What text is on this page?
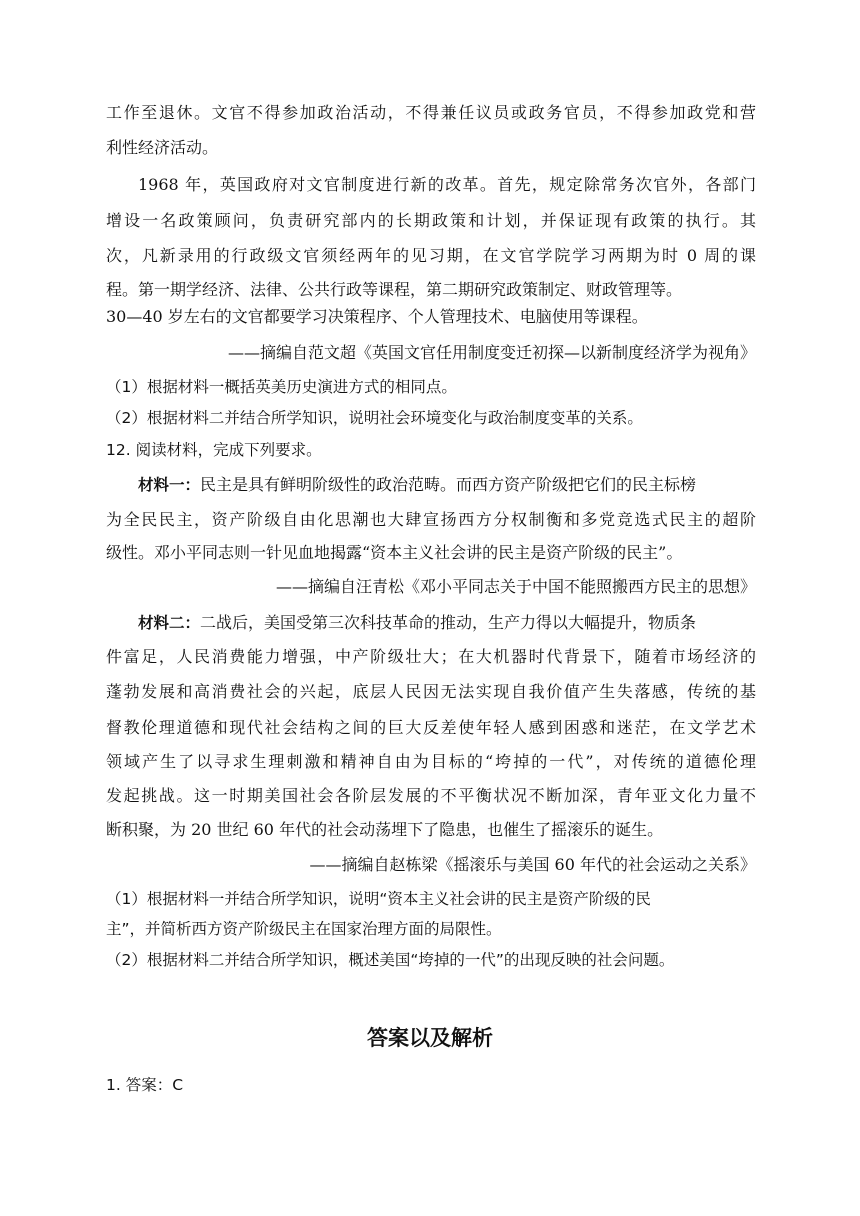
工作至退休。文官不得参加政治活动，不得兼任议员或政务官员，不得参加政党和营

利性经济活动。

1968 年，英国政府对文官制度进行新的改革。首先，规定除常务次官外，各部门

增设一名政策顾问，负责研究部内的长期政策和计划，并保证现有政策的执行。其

次，凡新录用的行政级文官须经两年的见习期，在文官学院学习两期为时 0 周的课

程。第一期学经济、法律、公共行政等课程，第二期研究政策制定、财政管理等。

30—40 岁左右的文官都要学习决策程序、个人管理技术、电脑使用等课程。

——摘编自范文超《英国文官任用制度变迁初探—以新制度经济学为视角》

（1）根据材料一概括英美历史演进方式的相同点。

（2）根据材料二并结合所学知识，说明社会环境变化与政治制度变革的关系。

12. 阅读材料，完成下列要求。

材料一：民主是具有鲜明阶级性的政治范畴。而西方资产阶级把它们的民主标榜

为全民民主，资产阶级自由化思潮也大肆宣扬西方分权制衡和多党竞选式民主的超阶

级性。邓小平同志则一针见血地揭露“资本主义社会讲的民主是资产阶级的民主”。

——摘编自汪青松《邓小平同志关于中国不能照搬西方民主的思想》

材料二：二战后，美国受第三次科技革命的推动，生产力得以大幅提升，物质条

件富足，人民消费能力增强，中产阶级壮大；在大机器时代背景下，随着市场经济的

蓬勃发展和高消费社会的兴起，底层人民因无法实现自我价值产生失落感，传统的基

督教伦理道德和现代社会结构之间的巨大反差使年轻人感到困惑和迷茫，在文学艺术

领域产生了以寻求生理刺激和精神自由为目标的“垮掉的一代”，对传统的道德伦理

发起挑战。这一时期美国社会各阶层发展的不平衡状况不断加深，青年亚文化力量不

断积聚，为 20 世纪 60 年代的社会动荡埋下了隐患，也催生了摇滚乐的诞生。

——摘编自赵栋梁《摇滚乐与美国 60 年代的社会运动之关系》

（1）根据材料一并结合所学知识，说明“资本主义社会讲的民主是资产阶级的民

主”，并简析西方资产阶级民主在国家治理方面的局限性。

（2）根据材料二并结合所学知识，概述美国“垮掉的一代”的出现反映的社会问题。

答案以及解析

1. 答案：C
